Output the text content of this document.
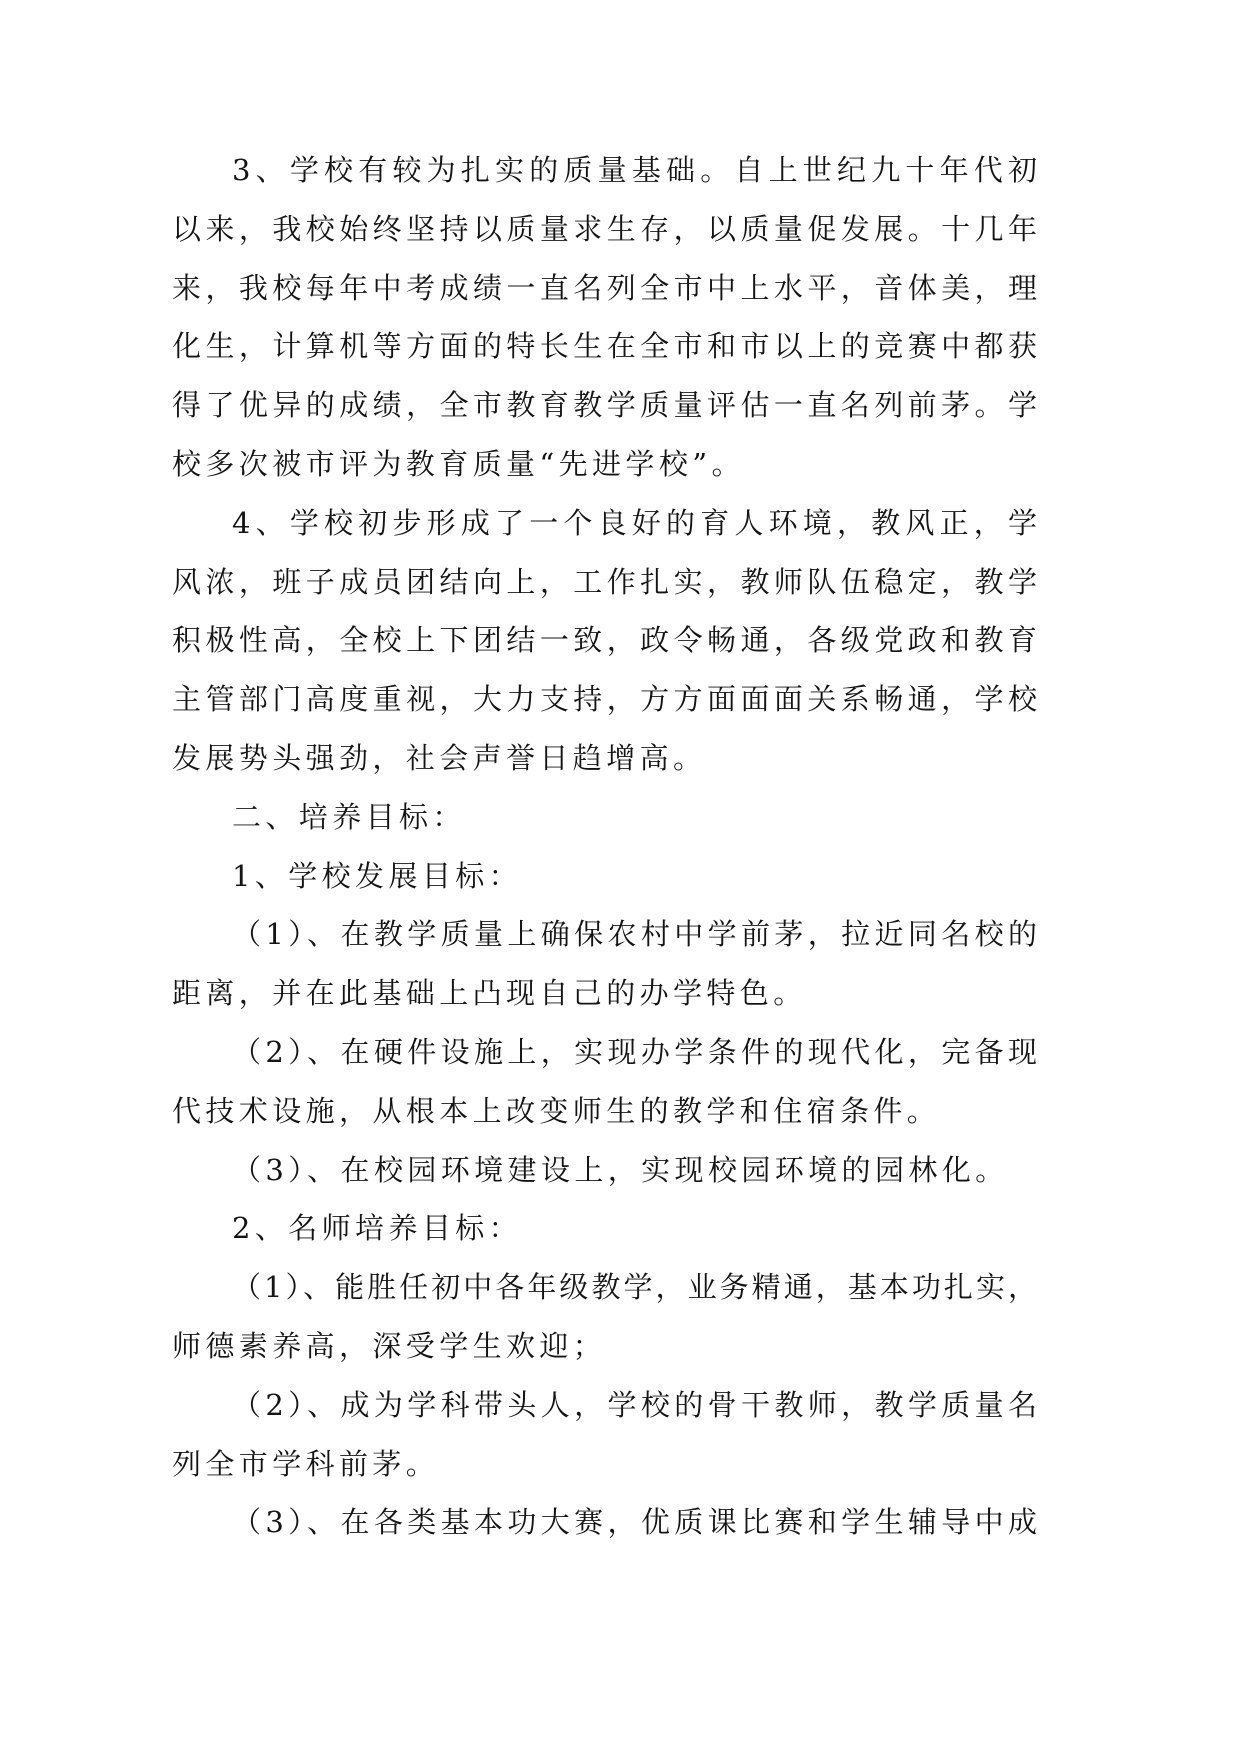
3、学校有较为扎实的质量基础。自上世纪九十年代初
以来，我校始终坚持以质量求生存，以质量促发展。十几年
来，我校每年中考成绩一直名列全市中上水平，音体美，理
化生，计算机等方面的特长生在全市和市以上的竞赛中都获
得了优异的成绩，全市教育教学质量评估一直名列前茅。学
校多次被市评为教育质量“先进学校”。
4、学校初步形成了一个良好的育人环境，教风正，学
风浓，班子成员团结向上，工作扎实，教师队伍稳定，教学
积极性高，全校上下团结一致，政令畅通，各级党政和教育
主管部门高度重视，大力支持，方方面面面关系畅通，学校
发展势头强劲，社会声誉日趋增高。
二、培养目标：
1、学校发展目标：
（1）、在教学质量上确保农村中学前茅，拉近同名校的
距离，并在此基础上凸现自己的办学特色。
（2）、在硬件设施上，实现办学条件的现代化，完备现
代技术设施，从根本上改变师生的教学和住宿条件。
（3）、在校园环境建设上，实现校园环境的园林化。
2、名师培养目标：
（1）、能胜任初中各年级教学，业务精通，基本功扎实，
师德素养高，深受学生欢迎；
（2）、成为学科带头人，学校的骨干教师，教学质量名
列全市学科前茅。
（3）、在各类基本功大赛，优质课比赛和学生辅导中成
